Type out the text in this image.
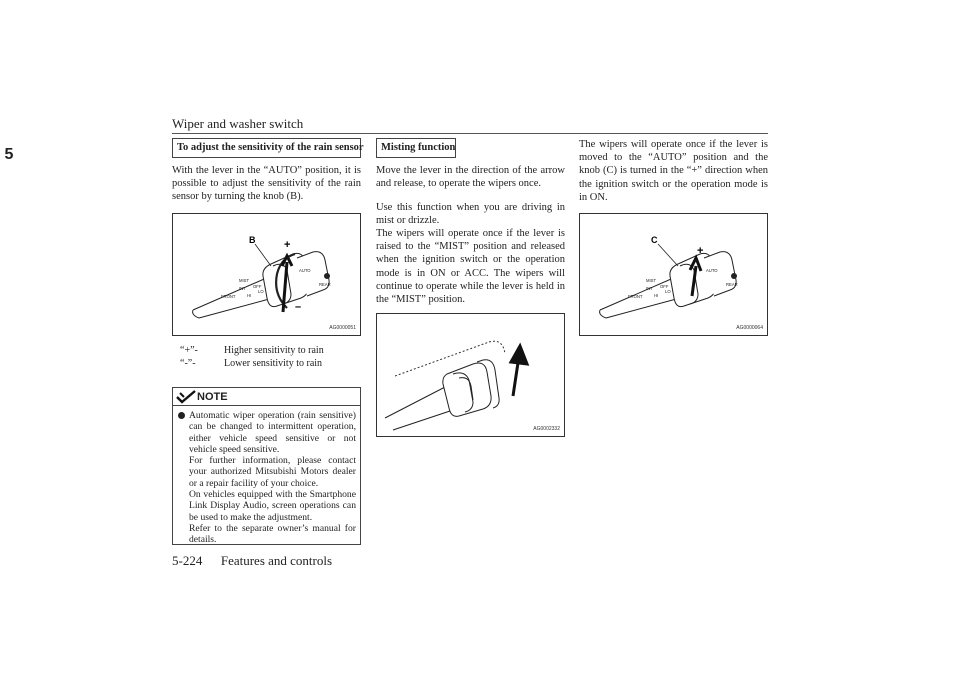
Wiper and washer switch
5	To adjust the sensitivity of the rain sensor
With the lever in the “AUTO” position, it is possible to adjust the sensitivity of the rain sensor by turning the knob (B).
B	+
–
MIST
FRONT
INT
HI
OFF
LO
AUTO
REAR
AG0000051
“+”-	Higher sensitivity to rain
“-”-	Lower sensitivity to rain
NOTE
Automatic wiper operation (rain sensitive) can be changed to intermittent operation, either vehicle speed sensitive or not vehicle speed sensitive.
For further information, please contact your authorized Mitsubishi Motors dealer or a repair facility of your choice.
On vehicles equipped with the Smartphone Link Display Audio, screen operations can be used to make the adjustment.
Refer to the separate owner’s manual for details.
Misting function
Move the lever in the direction of the arrow and release, to operate the wipers once.
Use this function when you are driving in mist or drizzle.
The wipers will operate once if the lever is raised to the “MIST” position and released when the ignition switch or the operation mode is in ON or ACC. The wipers will continue to operate while the lever is held in the “MIST” position.
AG0002332
The wipers will operate once if the lever is moved to the “AUTO” position and the knob (C) is turned in the “+” direction when the ignition switch or the operation mode is in ON.
C
+
MIST
FRONT
INT
HI
OFF
LO
AUTO
REAR
AG0000064
5-224 Features and controls
